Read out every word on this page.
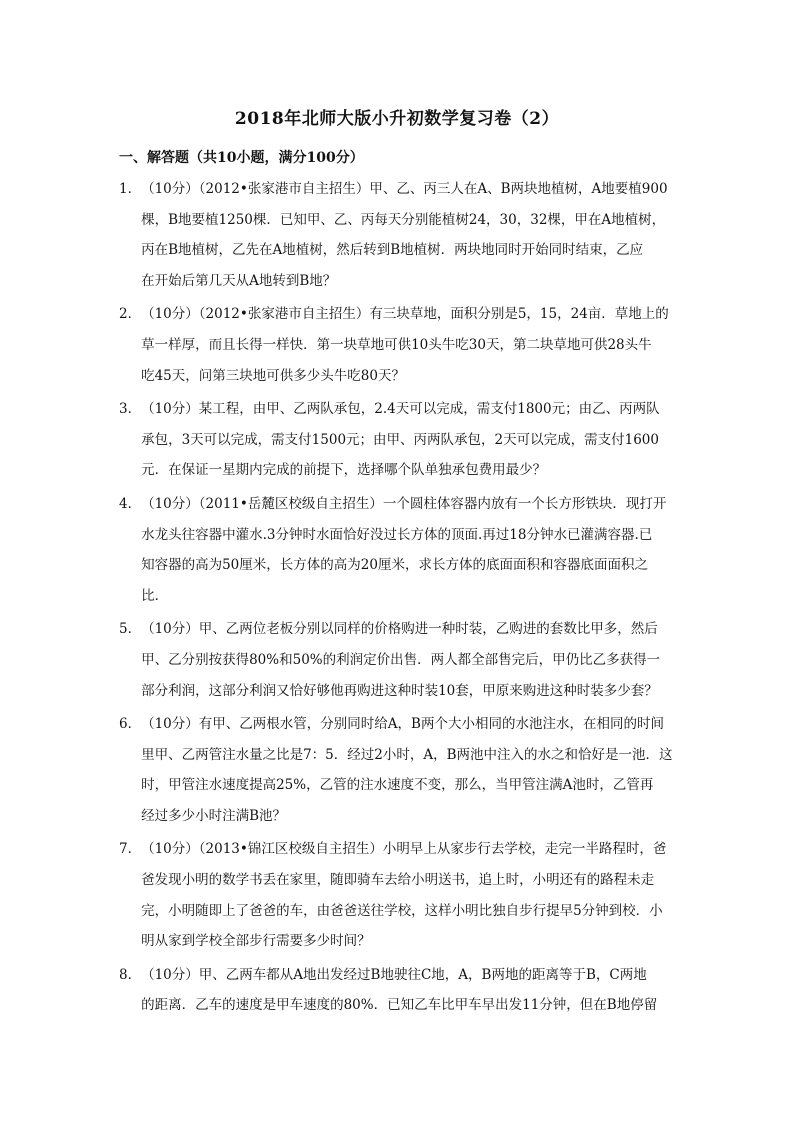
2018年北师大版小升初数学复习卷（2）
一、解答题（共10小题，满分100分）
1． （10分）（2012•张家港市自主招生）甲、乙、丙三人在A、B两块地植树，A地要植900
棵，B地要植1250棵．已知甲、乙、丙每天分别能植树24，30，32棵，甲在A地植树，
丙在B地植树，乙先在A地植树，然后转到B地植树．两块地同时开始同时结束，乙应
在开始后第几天从A地转到B地？
2． （10分）（2012•张家港市自主招生）有三块草地，面积分别是5，15，24亩．草地上的
草一样厚，而且长得一样快．第一块草地可供10头牛吃30天，第二块草地可供28头牛
吃45天，问第三块地可供多少头牛吃80天？
3． （10分）某工程，由甲、乙两队承包，2.4天可以完成，需支付1800元；由乙、丙两队
承包，3天可以完成，需支付1500元；由甲、丙两队承包，2天可以完成，需支付1600
元．在保证一星期内完成的前提下，选择哪个队单独承包费用最少？
4． （10分）（2011•岳麓区校级自主招生）一个圆柱体容器内放有一个长方形铁块．现打开
水龙头往容器中灌水.3分钟时水面恰好没过长方体的顶面.再过18分钟水已灌满容器.已
知容器的高为50厘米，长方体的高为20厘米，求长方体的底面面积和容器底面面积之
比．
5． （10分）甲、乙两位老板分别以同样的价格购进一种时装，乙购进的套数比甲多，然后
甲、乙分别按获得80%和50%的利润定价出售．两人都全部售完后，甲仍比乙多获得一
部分利润，这部分利润又恰好够他再购进这种时装10套，甲原来购进这种时装多少套？
6． （10分）有甲、乙两根水管，分别同时给A，B两个大小相同的水池注水，在相同的时间
里甲、乙两管注水量之比是7：5．经过2小时，A，B两池中注入的水之和恰好是一池．这
时，甲管注水速度提高25%，乙管的注水速度不变，那么，当甲管注满A池时，乙管再
经过多少小时注满B池？
7． （10分）（2013•锦江区校级自主招生）小明早上从家步行去学校，走完一半路程时，爸
爸发现小明的数学书丢在家里，随即骑车去给小明送书，追上时，小明还有的路程未走
完，小明随即上了爸爸的车，由爸爸送往学校，这样小明比独自步行提早5分钟到校．小
明从家到学校全部步行需要多少时间？
8． （10分）甲、乙两车都从A地出发经过B地驶往C地，A，B两地的距离等于B，C两地
的距离．乙车的速度是甲车速度的80%．已知乙车比甲车早出发11分钟，但在B地停留
